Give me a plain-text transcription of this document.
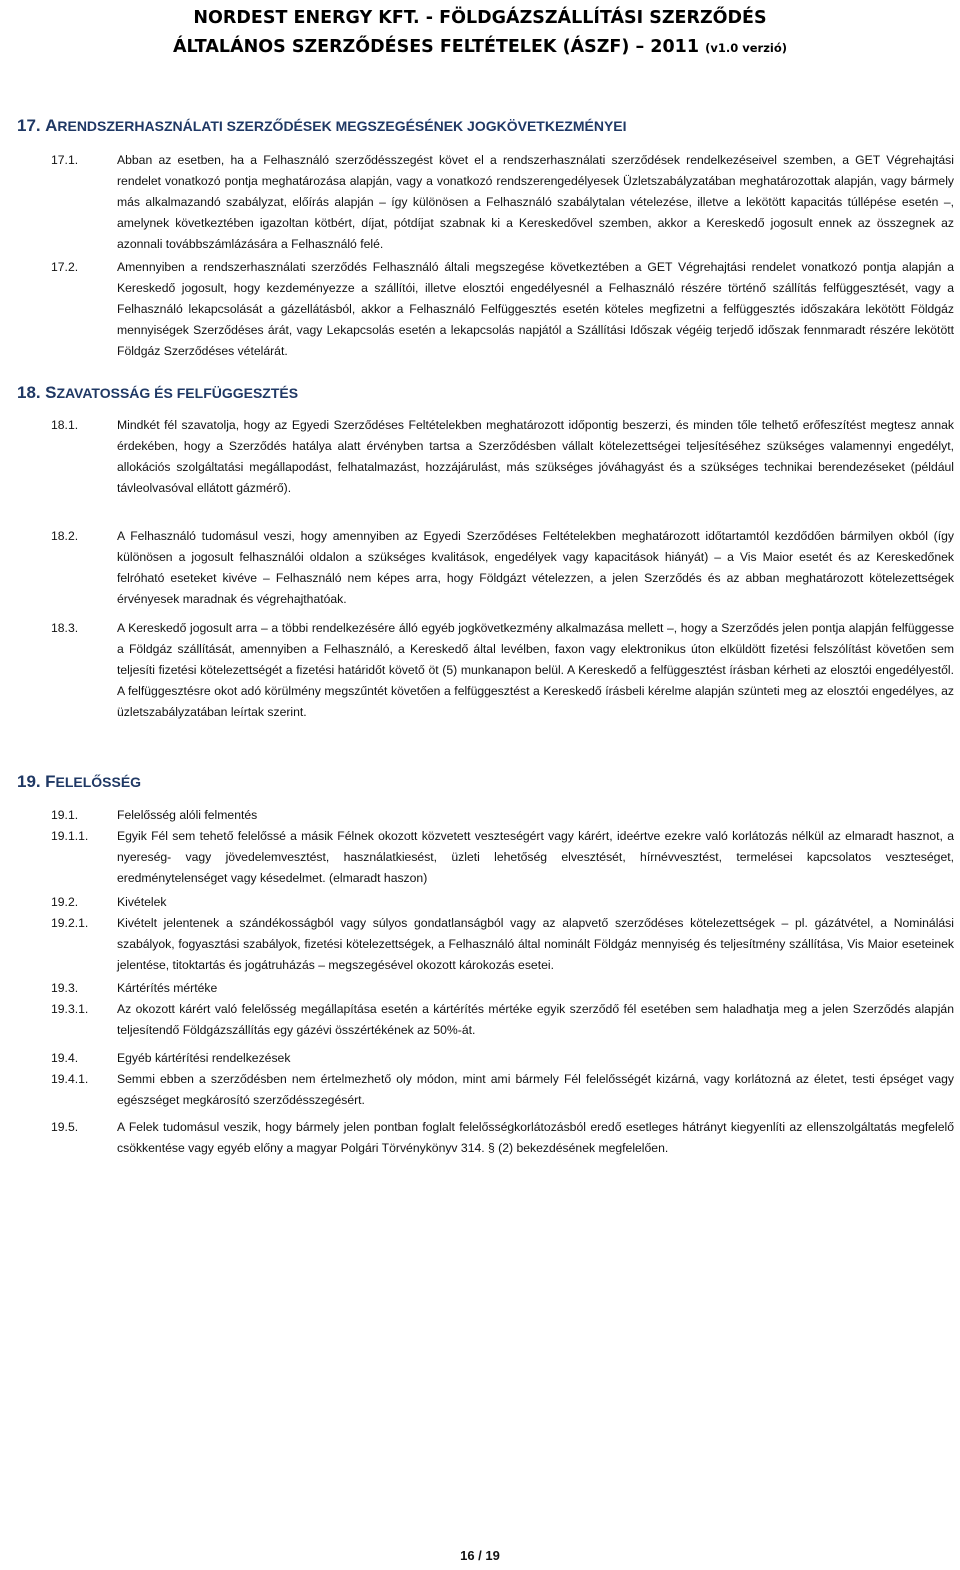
NORDEST ENERGY KFT. - FÖLDGÁZSZÁLLÍTÁSI SZERZŐDÉS
ÁLTALÁNOS SZERZŐDÉSES FELTÉTELEK (ÁSZF) – 2011 (v1.0 verzió)
17. ARENDSZERHASZNÁLATI SZERZŐDÉSEK MEGSZEGÉSÉNEK JOGKÖVETKEZMÉNYEI
17.1.	Abban az esetben, ha a Felhasználó szerződésszegést követ el a rendszerhasználati szerződések rendelkezéseivel szemben, a GET Végrehajtási rendelet vonatkozó pontja meghatározása alapján, vagy a vonatkozó rendszerengedélyesek Üzletszabályzatában meghatározottak alapján, vagy bármely más alkalmazandó szabályzat, előírás alapján – így különösen a Felhasználó szabálytalan vételezése, illetve a lekötött kapacitás túllépése esetén –, amelynek következtében igazoltan kötbért, díjat, pótdíjat szabnak ki a Kereskedővel szemben, akkor a Kereskedő jogosult ennek az összegnek az azonnali továbbszámlázására a Felhasználó felé.
17.2.	Amennyiben a rendszerhasználati szerződés Felhasználó általi megszegése következtében a GET Végrehajtási rendelet vonatkozó pontja alapján a Kereskedő jogosult, hogy kezdeményezze a szállítói, illetve elosztói engedélyesnél a Felhasználó részére történő szállítás felfüggesztését, vagy a Felhasználó lekapcsolását a gázellátásból, akkor a Felhasználó Felfüggesztés esetén köteles megfizetni a felfüggesztés időszakára lekötött Földgáz mennyiségek Szerződéses árát, vagy Lekapcsolás esetén a lekapcsolás napjától a Szállítási Időszak végéig terjedő időszak fennmaradt részére lekötött Földgáz Szerződéses vételárát.
18. SZAVATOSSÁG ÉS FELFÜGGESZTÉS
18.1.	Mindkét fél szavatolja, hogy az Egyedi Szerződéses Feltételekben meghatározott időpontig beszerzi, és minden tőle telhető erőfeszítést megtesz annak érdekében, hogy a Szerződés hatálya alatt érvényben tartsa a Szerződésben vállalt kötelezettségei teljesítéséhez szükséges valamennyi engedélyt, allokációs szolgáltatási megállapodást, felhatalmazást, hozzájárulást, más szükséges jóváhagyást és a szükséges technikai berendezéseket (például távleolvasóval ellátott gázmérő).
18.2.	A Felhasználó tudomásul veszi, hogy amennyiben az Egyedi Szerződéses Feltételekben meghatározott időtartamtól kezdődően bármilyen okból (így különösen a jogosult felhasználói oldalon a szükséges kvalitások, engedélyek vagy kapacitások hiányát) – a Vis Maior esetét és az Kereskedőnek felróható eseteket kivéve – Felhasználó nem képes arra, hogy Földgázt vételezzen, a jelen Szerződés és az abban meghatározott kötelezettségek érvényesek maradnak és végrehajthatóak.
18.3.	A Kereskedő jogosult arra – a többi rendelkezésére álló egyéb jogkövetkezmény alkalmazása mellett –, hogy a Szerződés jelen pontja alapján felfüggesse a Földgáz szállítását, amennyiben a Felhasználó, a Kereskedő által levélben, faxon vagy elektronikus úton elküldött fizetési felszólítást követően sem teljesíti fizetési kötelezettségét a fizetési határidőt követő öt (5) munkanapon belül. A Kereskedő a felfüggesztést írásban kérheti az elosztói engedélyestől. A felfüggesztésre okot adó körülmény megszűntét követően a felfüggesztést a Kereskedő írásbeli kérelme alapján szünteti meg az elosztói engedélyes, az üzletszabályzatában leírtak szerint.
19. FELELŐSSÉG
19.1.	Felelősség alóli felmentés
19.1.1. Egyik Fél sem tehető felelőssé a másik Félnek okozott közvetett veszteségért vagy kárért, ideértve ezekre való korlátozás nélkül az elmaradt hasznot, a nyereség- vagy jövedelemvesztést, használatkiesést, üzleti lehetőség elvesztését, hírnévvesztést, termelései kapcsolatos veszteséget, eredménytelenséget vagy késedelmet. (elmaradt haszon)
19.2.	Kivételek
19.2.1. Kivételt jelentenek a szándékosságból vagy súlyos gondatlanságból vagy az alapvető szerződéses kötelezettségek – pl. gázátvétel, a Nominálási szabályok, fogyasztási szabályok, fizetési kötelezettségek, a Felhasználó által nominált Földgáz mennyiség és teljesítmény szállítása, Vis Maior eseteinek jelentése, titoktartás és jogátruházás – megszegésével okozott károkozás esetei.
19.3.	Kártérítés mértéke
19.3.1. Az okozott kárért való felelősség megállapítása esetén a kártérítés mértéke egyik szerződő fél esetében sem haladhatja meg a jelen Szerződés alapján teljesítendő Földgázszállítás egy gázévi összértékének az 50%-át.
19.4.	Egyéb kártérítési rendelkezések
19.4.1. Semmi ebben a szerződésben nem értelmezhető oly módon, mint ami bármely Fél felelősségét kizárná, vagy korlátozná az életet, testi épséget vagy egészséget megkárosító szerződésszegésért.
19.5.	A Felek tudomásul veszik, hogy bármely jelen pontban foglalt felelősségkorlátozásból eredő esetleges hátrányt kiegyenlíti az ellenszolgáltatás megfelelő csökkentése vagy egyéb előny a magyar Polgári Törvénykönyv 314. § (2) bekezdésének megfelelően.
16 / 19
